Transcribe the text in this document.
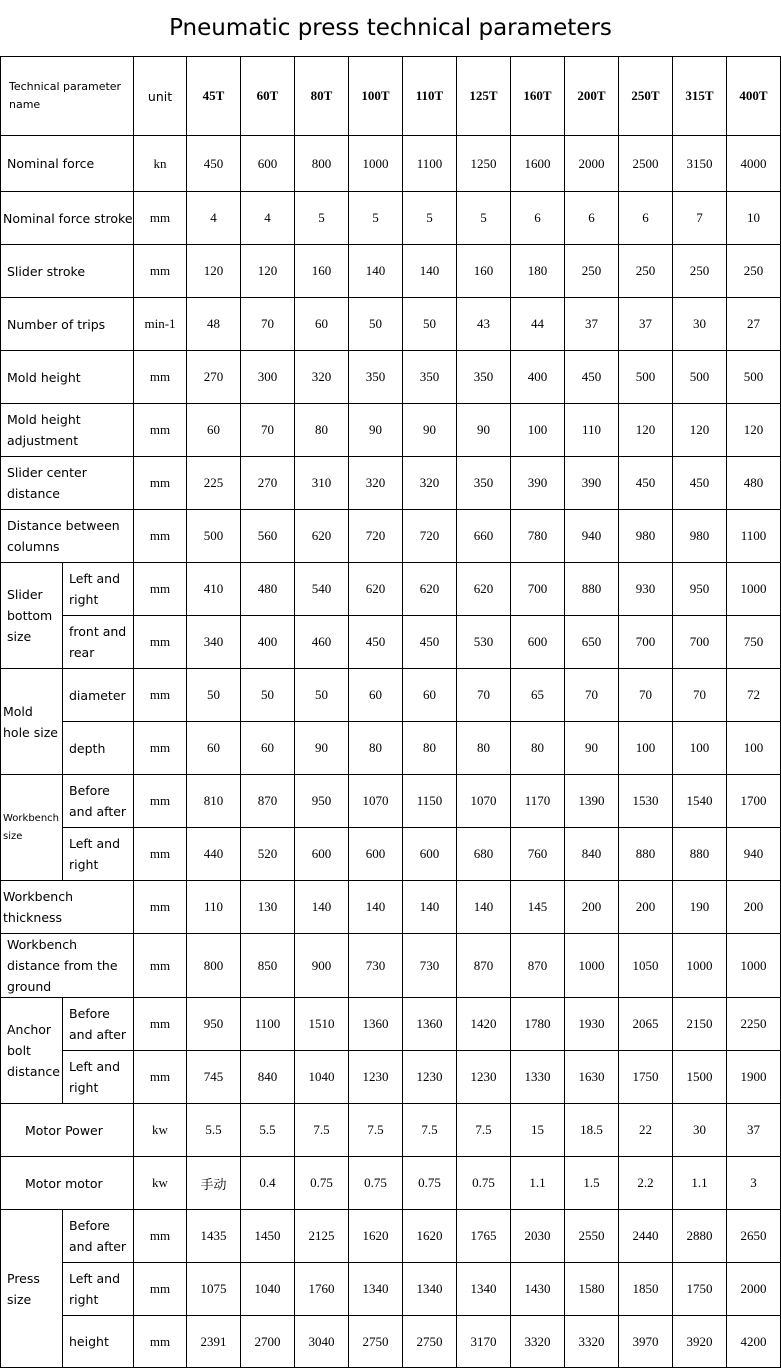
Pneumatic press technical parameters
Technical parameter name		unit	45T	60T	80T	100T	110T	125T	160T	200T	250T	315T	400T
Nominal force		kn	450	600	800	1000	1100	1250	1600	2000	2500	3150	4000
Nominal force stroke		mm	4	4	5	5	5	5	6	6	6	7	10
Slider stroke		mm	120	120	160	140	140	160	180	250	250	250	250
Number of trips		min-1	48	70	60	50	50	43	44	37	37	30	27
Mold height		mm	270	300	320	350	350	350	400	450	500	500	500
Mold height adjustment		mm	60	70	80	90	90	90	100	110	120	120	120
Slider center distance		mm	225	270	310	320	320	350	390	390	450	450	480
Distance between columns		mm	500	560	620	720	720	660	780	940	980	980	1100
Slider bottom size	Left and right	mm	410	480	540	620	620	620	700	880	930	950	1000
	front and rear	mm	340	400	460	450	450	530	600	650	700	700	750
Mold hole size	diameter	mm	50	50	50	60	60	70	65	70	70	70	72
	depth	mm	60	60	90	80	80	80	80	90	100	100	100
Workbench size	Before and after	mm	810	870	950	1070	1150	1070	1170	1390	1530	1540	1700
	Left and right	mm	440	520	600	600	600	680	760	840	880	880	940
Workbench thickness		mm	110	130	140	140	140	140	145	200	200	190	200
Workbench distance from the ground		mm	800	850	900	730	730	870	870	1000	1050	1000	1000
Anchor bolt distance	Before and after	mm	950	1100	1510	1360	1360	1420	1780	1930	2065	2150	2250
	Left and right	mm	745	840	1040	1230	1230	1230	1330	1630	1750	1500	1900
Motor Power		kw	5.5	5.5	7.5	7.5	7.5	7.5	15	18.5	22	30	37
Motor motor		kw	手动	0.4	0.75	0.75	0.75	0.75	1.1	1.5	2.2	1.1	3
Press size	Before and after	mm	1435	1450	2125	1620	1620	1765	2030	2550	2440	2880	2650
	Left and right	mm	1075	1040	1760	1340	1340	1340	1430	1580	1850	1750	2000
	height	mm	2391	2700	3040	2750	2750	3170	3320	3320	3970	3920	4200
